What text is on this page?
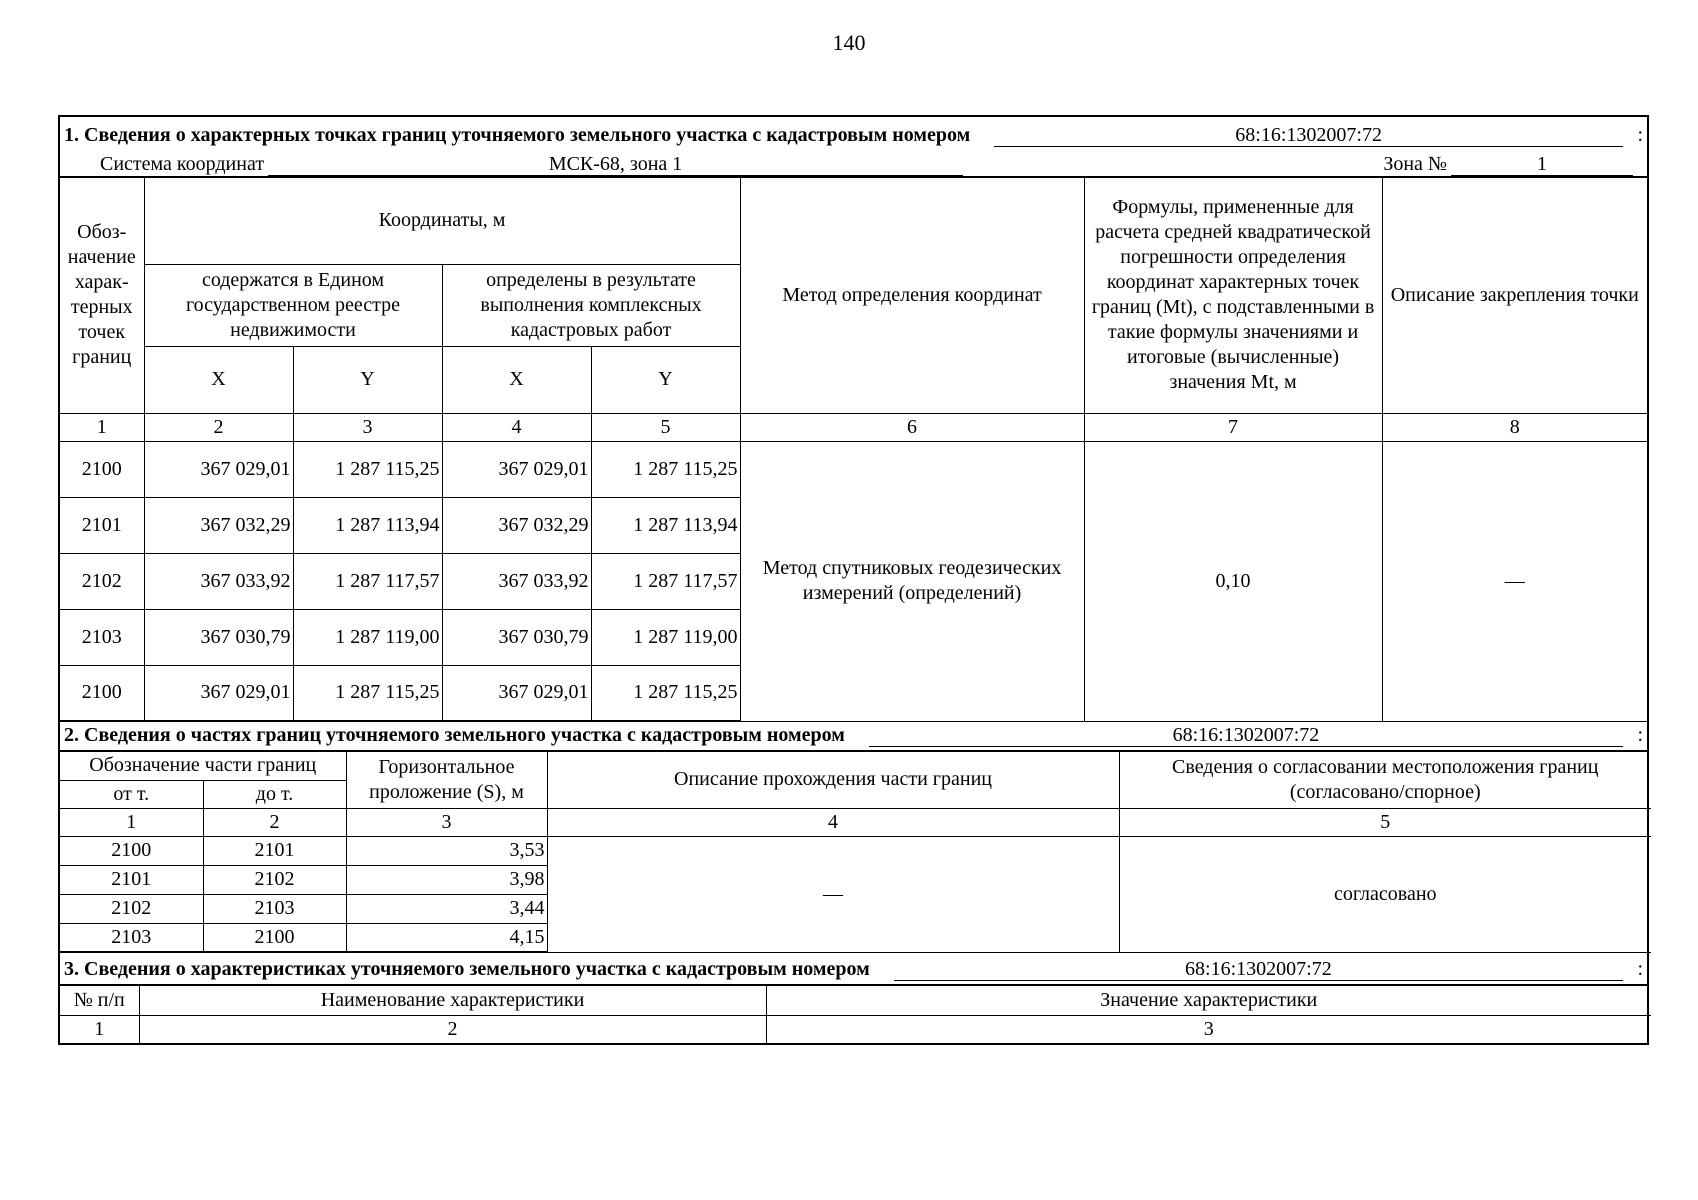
140
1. Сведения о характерных точках границ уточняемого земельного участка с кадастровым номером	68:16:1302007:72	:
Система координат	МСК-68, зона 1	Зона №	1
Обоз-начение харак-терных точек границ	Координаты, м				Метод определения координат	Формулы, примененные для расчета средней квадратической погрешности определения координат характерных точек границ (Mt), с подставленными в такие формулы значениями и итоговые (вычисленные) значения Mt, м	Описание закрепления точки
	содержатся в Едином государственном реестре недвижимости		определены в результате выполнения комплексных кадастровых работ				
	X	Y	X	Y			
1	2	3	4	5	6	7	8
2100	367 029,01	1 287 115,25	367 029,01	1 287 115,25	Метод спутниковых геодезических измерений (определений)	0,10	—
2101	367 032,29	1 287 113,94	367 032,29	1 287 113,94			
2102	367 033,92	1 287 117,57	367 033,92	1 287 117,57			
2103	367 030,79	1 287 119,00	367 030,79	1 287 119,00			
2100	367 029,01	1 287 115,25	367 029,01	1 287 115,25			
2. Сведения о частях границ уточняемого земельного участка с кадастровым номером	68:16:1302007:72	:
Обозначение части границ		Горизонтальное проложение (S), м	Описание прохождения части границ	Сведения о согласовании местоположения границ (согласовано/спорное)
от т.	до т.			
1	2	3	4	5
2100	2101	3,53	—	согласовано
2101	2102	3,98		
2102	2103	3,44		
2103	2100	4,15		
3. Сведения о характеристиках уточняемого земельного участка с кадастровым номером	68:16:1302007:72	:
№ п/п	Наименование характеристики	Значение характеристики
1	2	3
